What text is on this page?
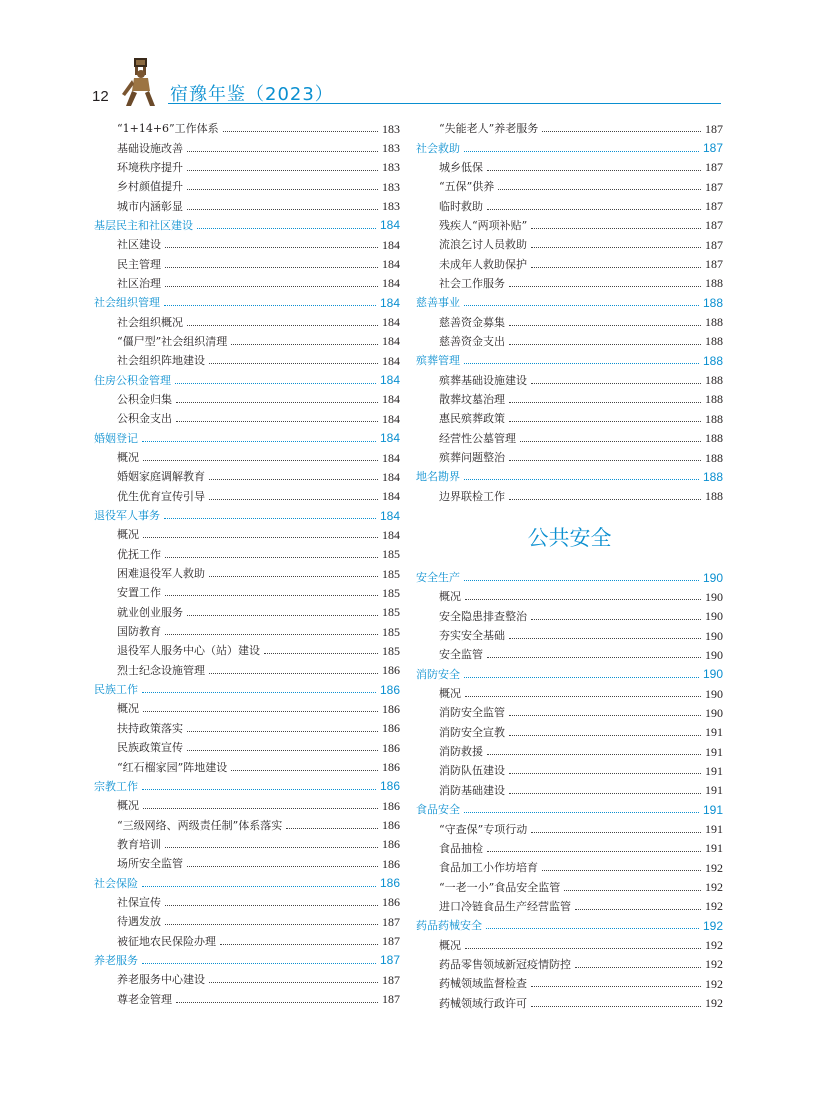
12	宿豫年鉴（2023）
“1+14+6”工作体系	183
基础设施改善	183
环境秩序提升	183
乡村颜值提升	183
城市内涵彰显	183
基层民主和社区建设	184
社区建设	184
民主管理	184
社区治理	184
社会组织管理	184
社会组织概况	184
“僵尸型”社会组织清理	184
社会组织阵地建设	184
住房公积金管理	184
公积金归集	184
公积金支出	184
婚姻登记	184
概况	184
婚姻家庭调解教育	184
优生优育宣传引导	184
退役军人事务	184
概况	184
优抚工作	185
困难退役军人救助	185
安置工作	185
就业创业服务	185
国防教育	185
退役军人服务中心（站）建设	185
烈士纪念设施管理	186
民族工作	186
概况	186
扶持政策落实	186
民族政策宣传	186
“红石榴家园”阵地建设	186
宗教工作	186
概况	186
“三级网络、两级责任制”体系落实	186
教育培训	186
场所安全监管	186
社会保险	186
社保宣传	186
待遇发放	187
被征地农民保险办理	187
养老服务	187
养老服务中心建设	187
尊老金管理	187
“失能老人”养老服务	187
社会救助	187
城乡低保	187
“五保”供养	187
临时救助	187
残疾人“两项补贴”	187
流浪乞讨人员救助	187
未成年人救助保护	187
社会工作服务	188
慈善事业	188
慈善资金募集	188
慈善资金支出	188
殡葬管理	188
殡葬基础设施建设	188
散葬坟墓治理	188
惠民殡葬政策	188
经营性公墓管理	188
殡葬问题整治	188
地名勘界	188
边界联检工作	188
公共安全
安全生产	190
概况	190
安全隐患排查整治	190
夯实安全基础	190
安全监管	190
消防安全	190
概况	190
消防安全监管	190
消防安全宣教	191
消防救援	191
消防队伍建设	191
消防基础建设	191
食品安全	191
“守查保”专项行动	191
食品抽检	191
食品加工小作坊培育	192
“一老一小”食品安全监管	192
进口冷链食品生产经营监管	192
药品药械安全	192
概况	192
药品零售领域新冠疫情防控	192
药械领域监督检查	192
药械领域行政许可	192
